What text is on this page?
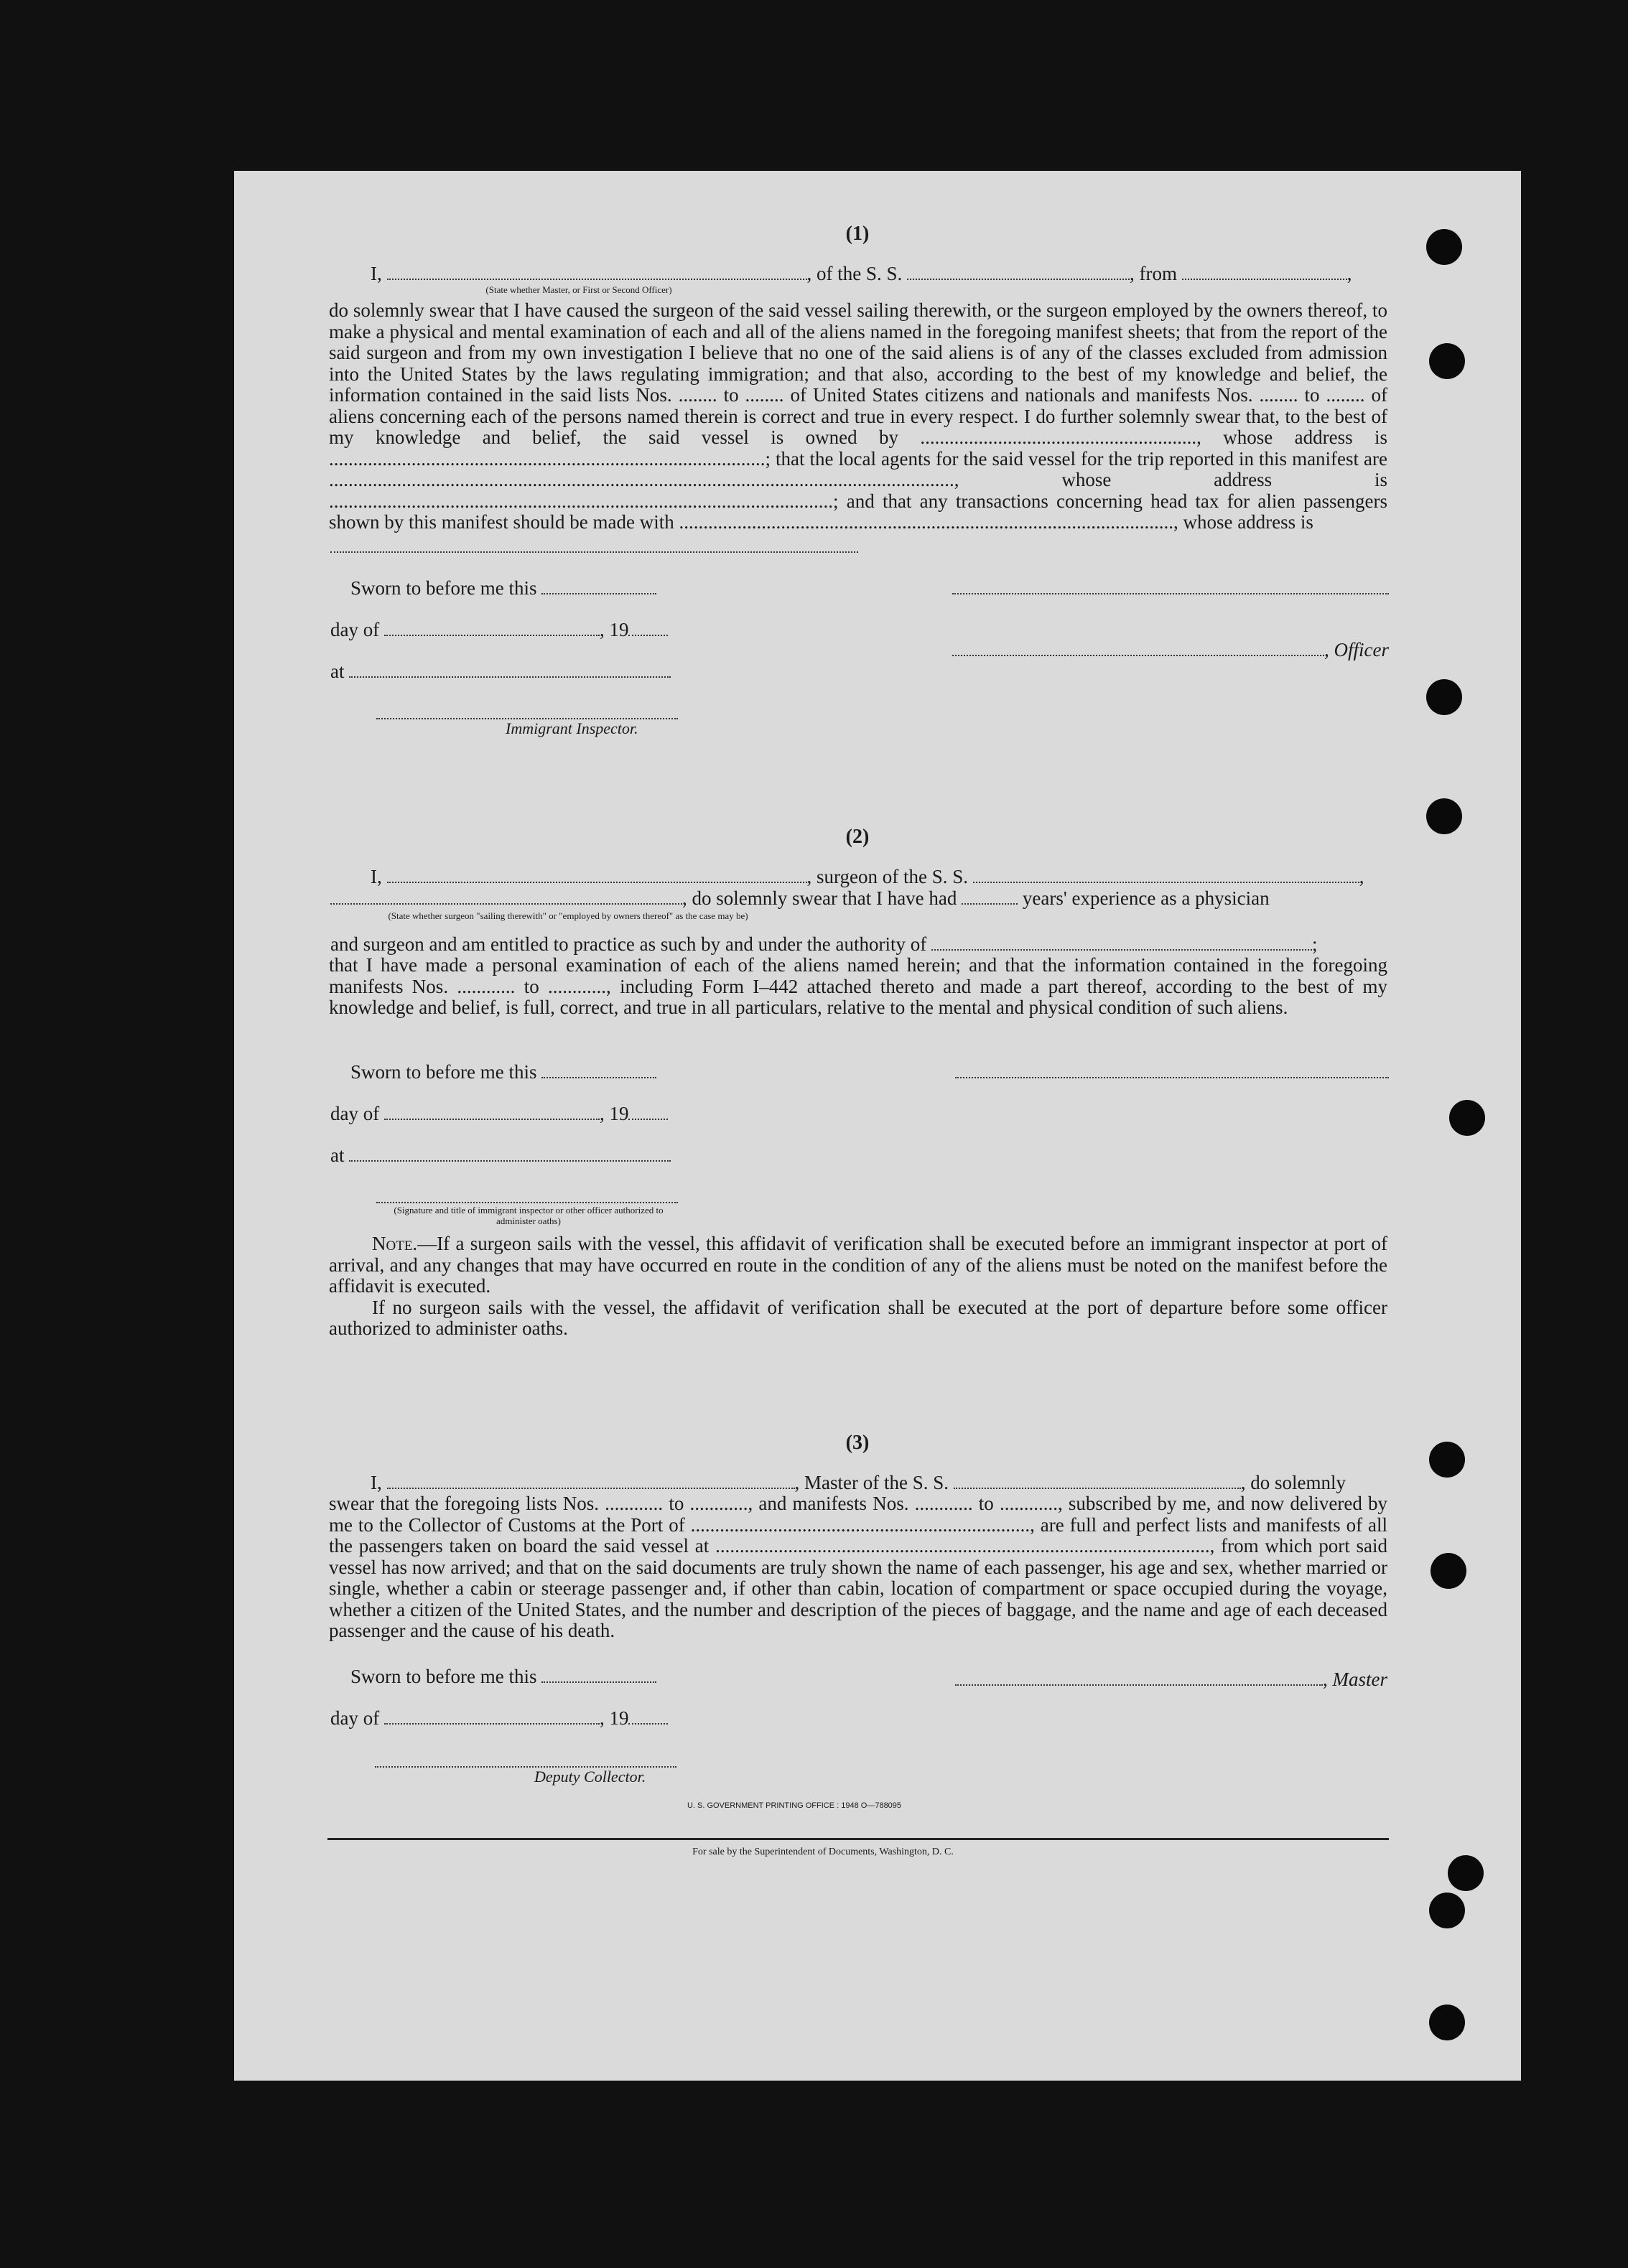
(1)
I,	, of the S. S.	, from	,
(State whether Master, or First or Second Officer)
do solemnly swear that I have caused the surgeon of the said vessel sailing therewith, or the surgeon employed by the owners thereof, to make a physical and mental examination of each and all of the aliens named in the foregoing manifest sheets; that from the report of the said surgeon and from my own investigation I believe that no one of the said aliens is of any of the classes excluded from admission into the United States by the laws regulating immigration; and that also, according to the best of my knowledge and belief, the information contained in the said lists Nos. ........ to ........ of United States citizens and nationals and manifests Nos. ........ to ........ of aliens concerning each of the persons named therein is correct and true in every respect. I do further solemnly swear that, to the best of my knowledge and belief, the said vessel is owned by ........................................................., whose address is ..........................................................................................; that the local agents for the said vessel for the trip reported in this manifest are .................................................................................................................................,	whose address is ........................................................................................................; and that any transactions concerning head tax for alien passengers shown by this manifest should be made with ......................................................................................................, whose address is
Sworn to before me this
day of	, 19
, Officer
at
Immigrant Inspector.
(2)
I,	, surgeon of the S. S.	,
, do solemnly swear that I have had	years' experience as a physician
(State whether surgeon "sailing therewith" or "employed by owners thereof" as the case may be)
and surgeon and am entitled to practice as such by and under the authority of	;
that I have made a personal examination of each of the aliens named herein; and that the information contained in the foregoing manifests Nos. ............ to ............, including Form I–442 attached thereto and made a part thereof, according to the best of my knowledge and belief, is full, correct, and true in all particulars, relative to the mental and physical condition of such aliens.
Sworn to before me this
day of	, 19
at
(Signature and title of immigrant inspector or other officer authorized to administer oaths)
Note.—If a surgeon sails with the vessel, this affidavit of verification shall be executed before an immigrant inspector at port of arrival, and any changes that may have occurred en route in the condition of any of the aliens must be noted on the manifest before the affidavit is executed.
If no surgeon sails with the vessel, the affidavit of verification shall be executed at the port of departure before some officer authorized to administer oaths.
(3)
I,	, Master of the S. S.	, do solemnly
swear that the foregoing lists Nos. ............ to ............, and manifests Nos. ............ to ............, subscribed by me, and now delivered by me to the Collector of Customs at the Port of ......................................................................, are full and perfect lists and manifests of all the passengers taken on board the said vessel at ......................................................................................................, from which port said vessel has now arrived; and that on the said documents are truly shown the name of each passenger, his age and sex, whether married or single, whether a cabin or steerage passenger and, if other than cabin, location of compartment or space occupied during the voyage, whether a citizen of the United States, and the number and description of the pieces of baggage, and the name and age of each deceased passenger and the cause of his death.
Sworn to before me this	, Master
day of	, 19
Deputy Collector.
U. S. GOVERNMENT PRINTING OFFICE : 1948 O—788095
For sale by the Superintendent of Documents, Washington, D. C.
